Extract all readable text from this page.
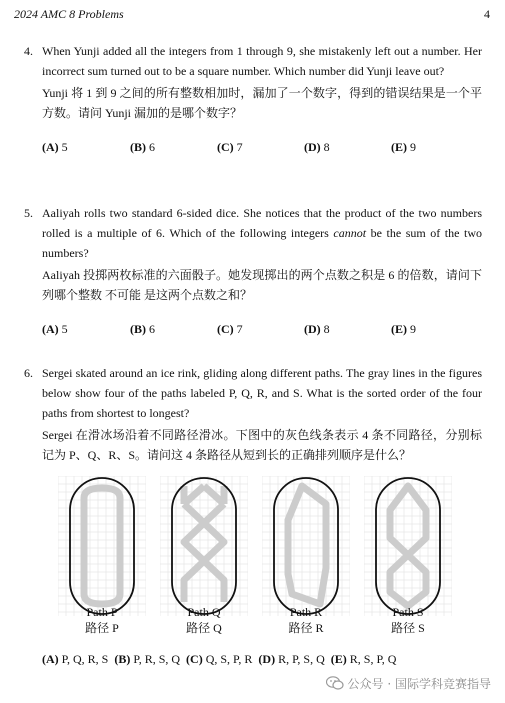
2024 AMC 8 Problems	4
4. When Yunji added all the integers from 1 through 9, she mistakenly left out a number. Her incorrect sum turned out to be a square number. Which number did Yunji leave out?
Yunji 将 1 到 9 之间的所有整数相加时，漏加了一个数字，得到的错误结果是一个平方数。请问 Yunji 漏加的是哪个数字？
(A) 5	(B) 6	(C) 7	(D) 8	(E) 9
5. Aaliyah rolls two standard 6-sided dice. She notices that the product of the two numbers rolled is a multiple of 6. Which of the following integers cannot be the sum of the two numbers?
Aaliyah 投掷两枚标准的六面骰子。她发现掷出的两个点数之积是 6 的倍数，请问下列哪个整数 不可能 是这两个点数之和？
(A) 5	(B) 6	(C) 7	(D) 8	(E) 9
6. Sergei skated around an ice rink, gliding along different paths. The gray lines in the figures below show four of the paths labeled P, Q, R, and S. What is the sorted order of the four paths from shortest to longest?
Sergei 在滑冰场沿着不同路径滑冰。下图中的灰色线条表示 4 条不同路径，分别标记为 P、Q、R、S。请问这 4 条路径从短到长的正确排列顺序是什么？
Path P
路径 P
Path Q
路径 Q
Path R
路径 R
Path S
路径 S
(A) P, Q, R, S (B) P, R, S, Q (C) Q, S, P, R (D) R, P, S, Q (E) R, S, P, Q
公众号 · 国际学科竞赛指导
